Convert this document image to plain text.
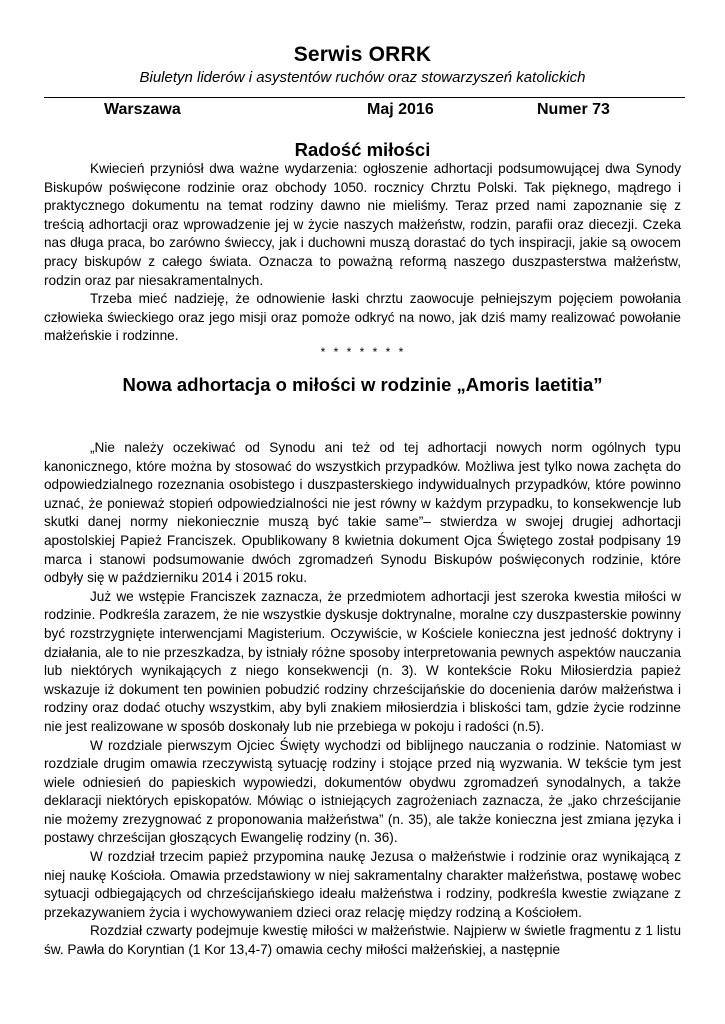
Serwis ORRK
Biuletyn liderów i asystentów ruchów oraz stowarzyszeń katolickich
Warszawa	Maj 2016	Numer 73
Radość miłości

Kwiecień przyniósł dwa ważne wydarzenia: ogłoszenie adhortacji podsumowującej dwa Synody Biskupów poświęcone rodzinie oraz obchody 1050. rocznicy Chrztu Polski. Tak pięknego, mądrego i praktycznego dokumentu na temat rodziny dawno nie mieliśmy. Teraz przed nami zapoznanie się z treścią adhortacji oraz wprowadzenie jej w życie naszych małżeństw, rodzin, parafii oraz diecezji. Czeka nas długa praca, bo zarówno świeccy, jak i duchowni muszą dorastać do tych inspiracji, jakie są owocem pracy biskupów z całego świata. Oznacza to poważną reformą naszego duszpasterstwa małżeństw, rodzin oraz par niesakramentalnych.

Trzeba mieć nadzieję, że odnowienie łaski chrztu zaowocuje pełniejszym pojęciem powołania człowieka świeckiego oraz jego misji oraz pomoże odkryć na nowo, jak dziś mamy realizować powołanie małżeńskie i rodzinne.

* * * * * * *
Nowa adhortacja o miłości w rodzinie „Amoris laetitia”

„Nie należy oczekiwać od Synodu ani też od tej adhortacji nowych norm ogólnych typu kanonicznego, które można by stosować do wszystkich przypadków. Możliwa jest tylko nowa zachęta do odpowiedzialnego rozeznania osobistego i duszpasterskiego indywidualnych przypadków, które powinno uznać, że ponieważ stopień odpowiedzialności nie jest równy w każdym przypadku, to konsekwencje lub skutki danej normy niekoniecznie muszą być takie same”– stwierdza w swojej drugiej adhortacji apostolskiej Papież Franciszek. Opublikowany 8 kwietnia dokument Ojca Świętego został podpisany 19 marca i stanowi podsumowanie dwóch zgromadzeń Synodu Biskupów poświęconych rodzinie, które odbyły się w październiku 2014 i 2015 roku.

Już we wstępie Franciszek zaznacza, że przedmiotem adhortacji jest szeroka kwestia miłości w rodzinie. Podkreśla zarazem, że nie wszystkie dyskusje doktrynalne, moralne czy duszpasterskie powinny być rozstrzygnięte interwencjami Magisterium. Oczywiście, w Kościele konieczna jest jedność doktryny i działania, ale to nie przeszkadza, by istniały różne sposoby interpretowania pewnych aspektów nauczania lub niektórych wynikających z niego konsekwencji (n. 3). W kontekście Roku Miłosierdzia papież wskazuje iż dokument ten powinien pobudzić rodziny chrześcijańskie do docenienia darów małżeństwa i rodziny oraz dodać otuchy wszystkim, aby byli znakiem miłosierdzia i bliskości tam, gdzie życie rodzinne nie jest realizowane w sposób doskonały lub nie przebiega w pokoju i radości (n.5).

W rozdziale pierwszym Ojciec Święty wychodzi od biblijnego nauczania o rodzinie. Natomiast w rozdziale drugim omawia rzeczywistą sytuację rodziny i stojące przed nią wyzwania. W tekście tym jest wiele odniesień do papieskich wypowiedzi, dokumentów obydwu zgromadzeń synodalnych, a także deklaracji niektórych episkopatów. Mówiąc o istniejących zagrożeniach zaznacza, że „jako chrześcijanie nie możemy zrezygnować z proponowania małżeństwa” (n. 35), ale także konieczna jest zmiana języka i postawy chrześcijan głoszących Ewangelię rodziny (n. 36).

W rozdział trzecim papież przypomina naukę Jezusa o małżeństwie i rodzinie oraz wynikającą z niej naukę Kościoła. Omawia przedstawiony w niej sakramentalny charakter małżeństwa, postawę wobec sytuacji odbiegających od chrześcijańskiego ideału małżeństwa i rodziny, podkreśla kwestie związane z przekazywaniem życia i wychowywaniem dzieci oraz relację między rodziną a Kościołem.

Rozdział czwarty podejmuje kwestię miłości w małżeństwie. Najpierw w świetle fragmentu z 1 listu św. Pawła do Koryntian (1 Kor 13,4-7) omawia cechy miłości małżeńskiej, a następnie
